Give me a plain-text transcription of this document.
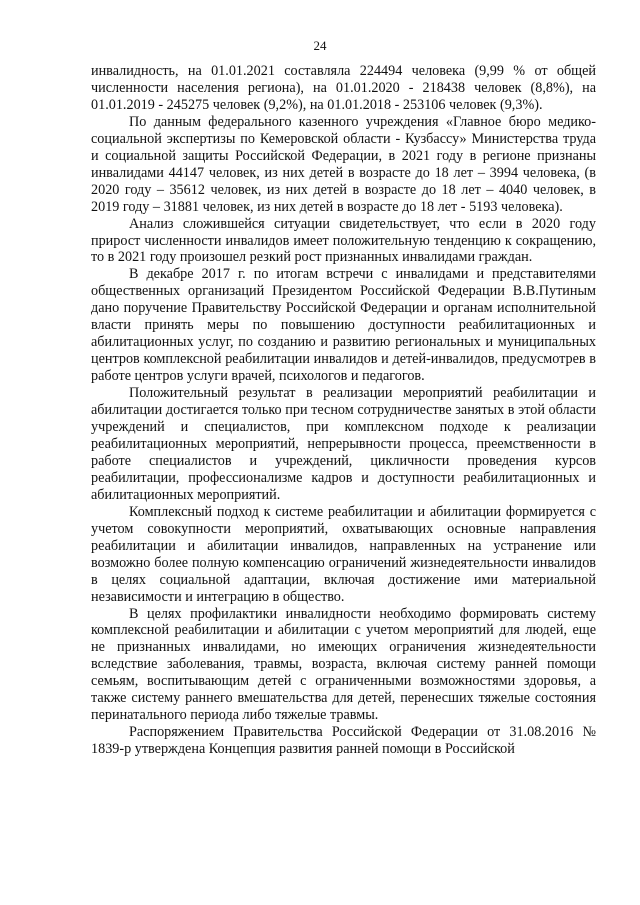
24

инвалидность, на 01.01.2021 составляла 224494 человека (9,99 % от общей численности населения региона), на 01.01.2020 - 218438 человек (8,8%), на 01.01.2019 - 245275 человек (9,2%), на 01.01.2018 - 253106 человек (9,3%).

По данным федерального казенного учреждения «Главное бюро медико-социальной экспертизы по Кемеровской области - Кузбассу» Министерства труда и социальной защиты Российской Федерации, в 2021 году в регионе признаны инвалидами 44147 человек, из них детей в возрасте до 18 лет – 3994 человека, (в 2020 году – 35612 человек, из них детей в возрасте до 18 лет – 4040 человек, в 2019 году – 31881 человек, из них детей в возрасте до 18 лет - 5193 человека).

Анализ сложившейся ситуации свидетельствует, что если в 2020 году прирост численности инвалидов имеет положительную тенденцию к сокращению, то в 2021 году произошел резкий рост признанных инвалидами граждан.

В декабре 2017 г. по итогам встречи с инвалидами и представителями общественных организаций Президентом Российской Федерации В.В.Путиным дано поручение Правительству Российской Федерации и органам исполнительной власти принять меры по повышению доступности реабилитационных и абилитационных услуг, по созданию и развитию региональных и муниципальных центров комплексной реабилитации инвалидов и детей-инвалидов, предусмотрев в работе центров услуги врачей, психологов и педагогов.

Положительный результат в реализации мероприятий реабилитации и абилитации достигается только при тесном сотрудничестве занятых в этой области учреждений и специалистов, при комплексном подходе к реализации реабилитационных мероприятий, непрерывности процесса, преемственности в работе специалистов и учреждений, цикличности проведения курсов реабилитации, профессионализме кадров и доступности реабилитационных и абилитационных мероприятий.

Комплексный подход к системе реабилитации и абилитации формируется с учетом совокупности мероприятий, охватывающих основные направления реабилитации и абилитации инвалидов, направленных на устранение или возможно более полную компенсацию ограничений жизнедеятельности инвалидов в целях социальной адаптации, включая достижение ими материальной независимости и интеграцию в общество.

В целях профилактики инвалидности необходимо формировать систему комплексной реабилитации и абилитации с учетом мероприятий для людей, еще не признанных инвалидами, но имеющих ограничения жизнедеятельности вследствие заболевания, травмы, возраста, включая систему ранней помощи семьям, воспитывающим детей с ограниченными возможностями здоровья, а также систему раннего вмешательства для детей, перенесших тяжелые состояния перинатального периода либо тяжелые травмы.

Распоряжением Правительства Российской Федерации от 31.08.2016 № 1839-р утверждена Концепция развития ранней помощи в Российской
